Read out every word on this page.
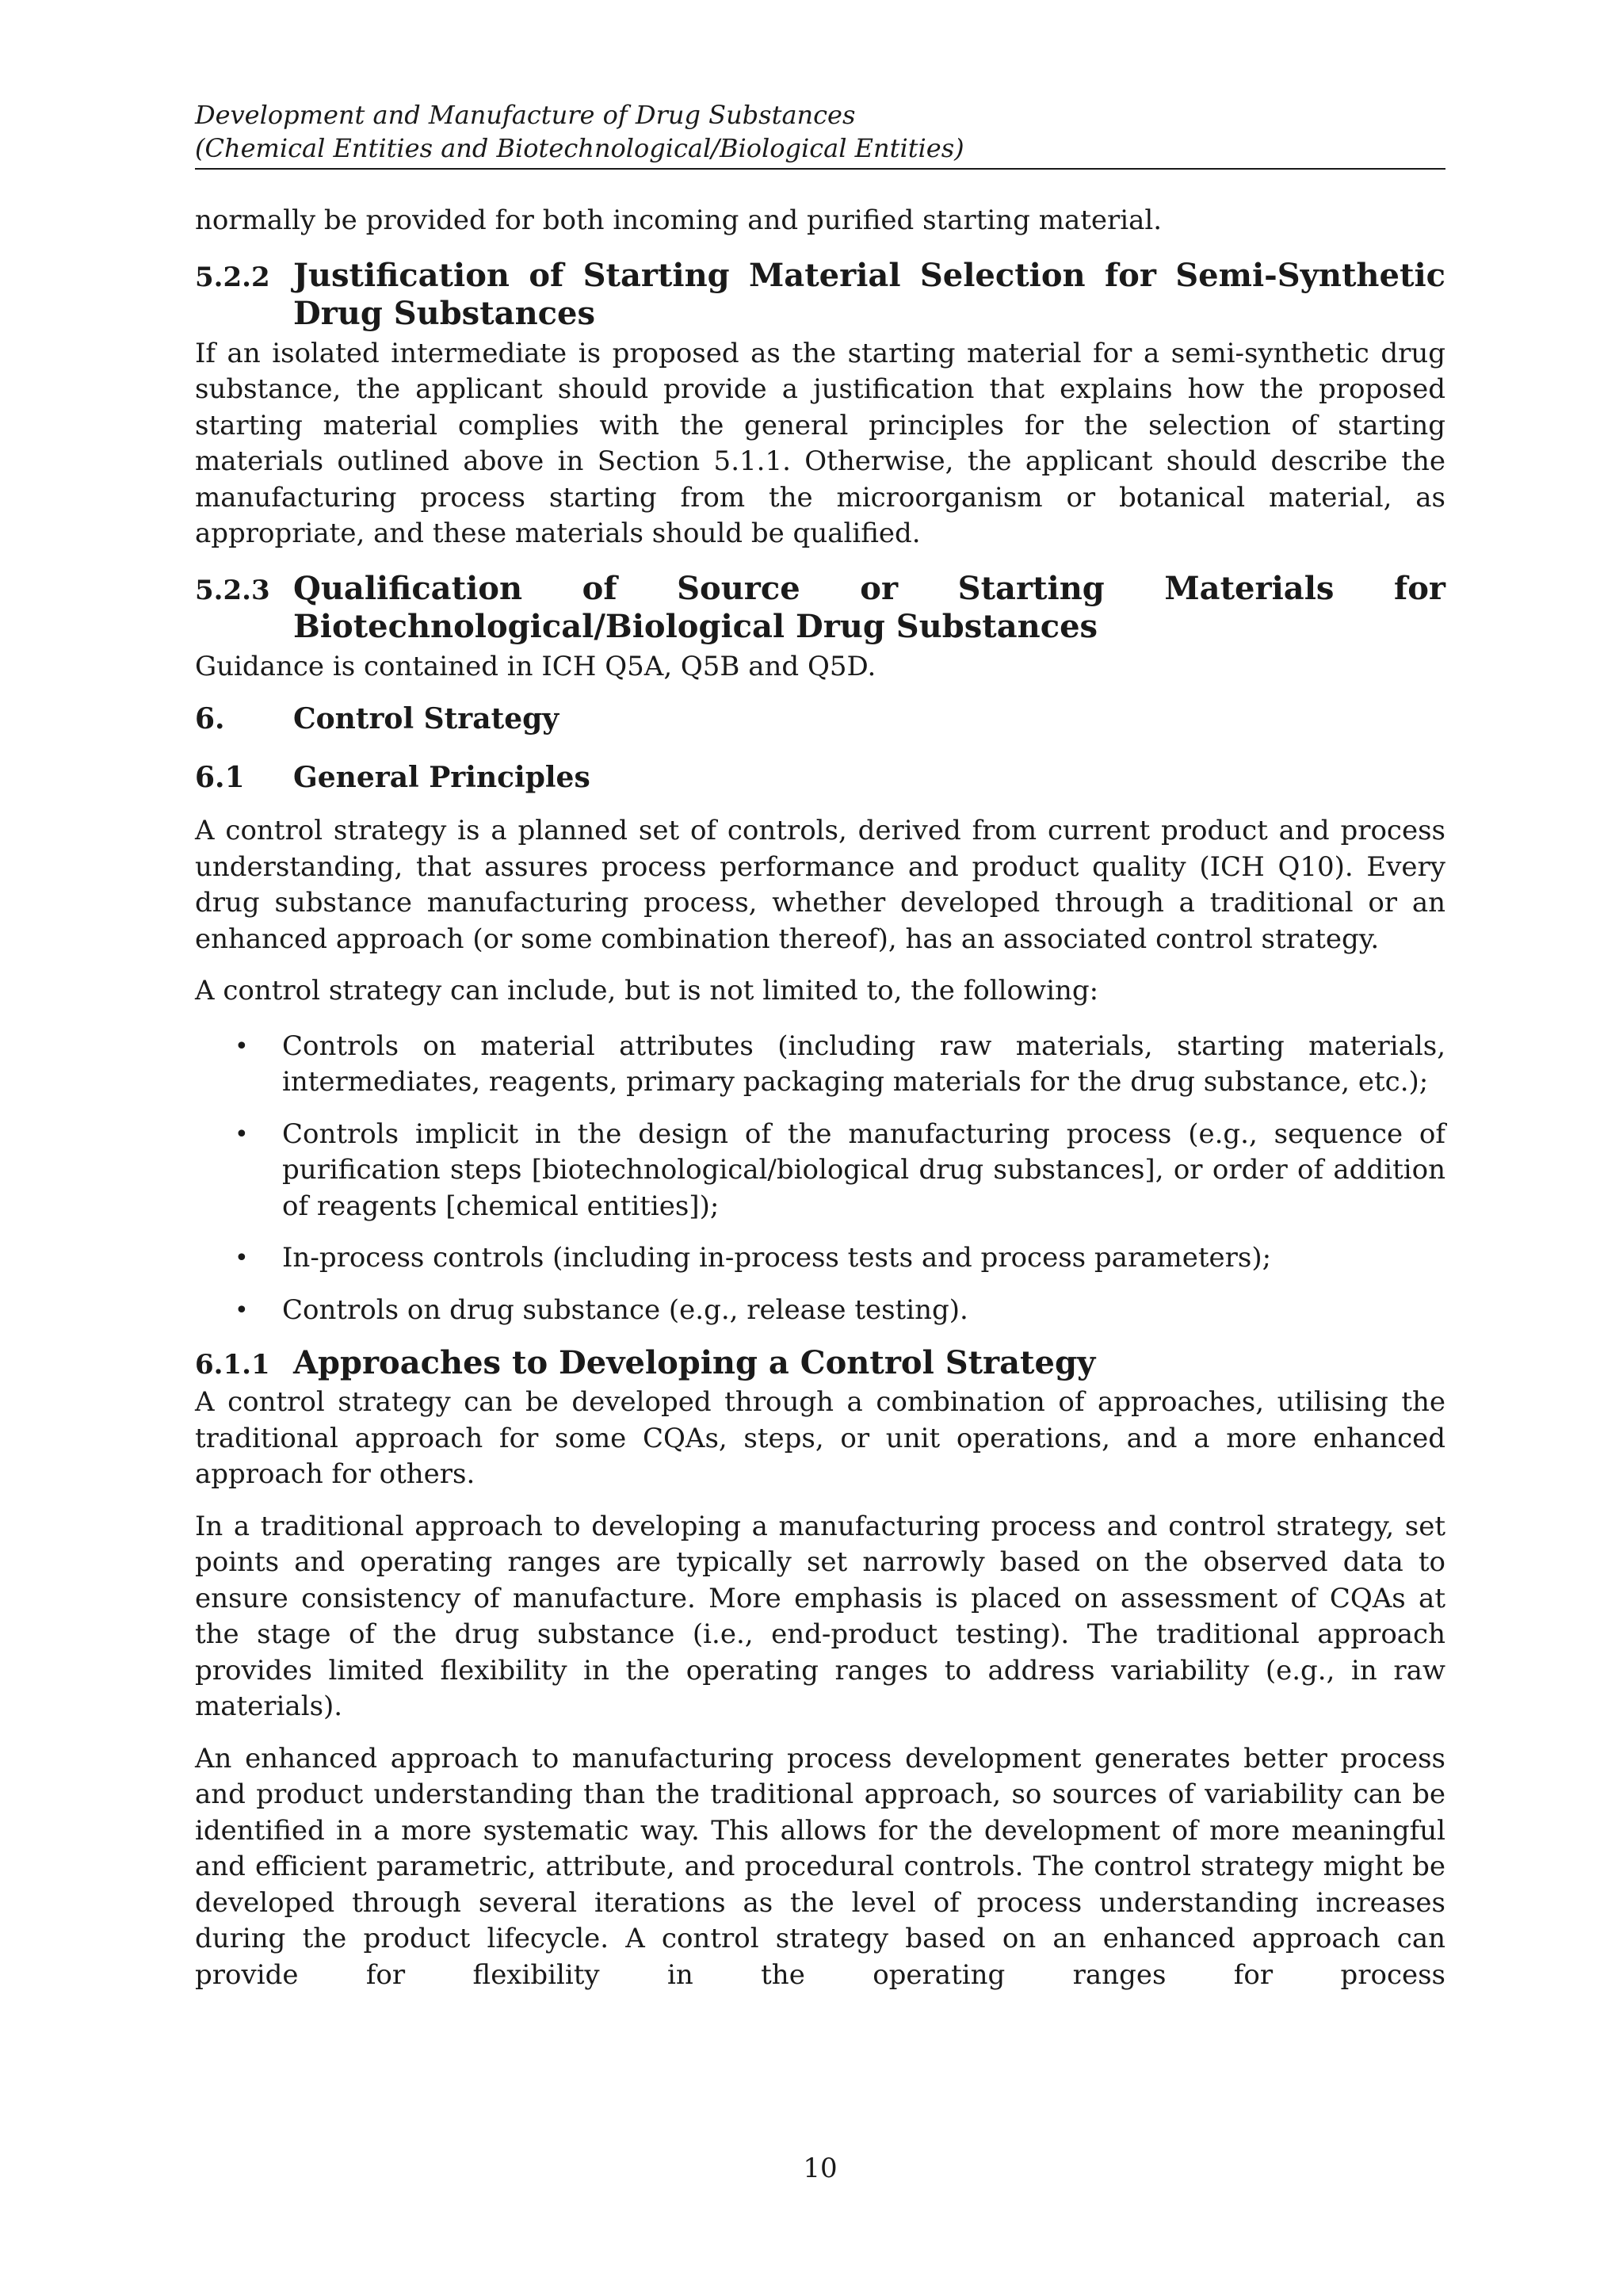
Development and Manufacture of Drug Substances
(Chemical Entities and Biotechnological/Biological Entities)

normally be provided for both incoming and purified starting material.

5.2.2 Justification of Starting Material Selection for Semi-Synthetic
Drug Substances

If an isolated intermediate is proposed as the starting material for a semi-synthetic drug substance, the applicant should provide a justification that explains how the proposed starting material complies with the general principles for the selection of starting materials outlined above in Section 5.1.1. Otherwise, the applicant should describe the manufacturing process starting from the microorganism or botanical material, as appropriate, and these materials should be qualified.

5.2.3 Qualification of Source or Starting Materials for
Biotechnological/Biological Drug Substances

Guidance is contained in ICH Q5A, Q5B and Q5D.

6.	Control Strategy
6.1	General Principles

A control strategy is a planned set of controls, derived from current product and process understanding, that assures process performance and product quality (ICH Q10). Every drug substance manufacturing process, whether developed through a traditional or an enhanced approach (or some combination thereof), has an associated control strategy.

A control strategy can include, but is not limited to, the following:

• Controls on material attributes (including raw materials, starting materials, intermediates, reagents, primary packaging materials for the drug substance, etc.);
• Controls implicit in the design of the manufacturing process (e.g., sequence of purification steps [biotechnological/biological drug substances], or order of addition of reagents [chemical entities]);
• In-process controls (including in-process tests and process parameters);
• Controls on drug substance (e.g., release testing).
6.1.1 Approaches to Developing a Control Strategy

A control strategy can be developed through a combination of approaches, utilising the traditional approach for some CQAs, steps, or unit operations, and a more enhanced approach for others.

In a traditional approach to developing a manufacturing process and control strategy, set points and operating ranges are typically set narrowly based on the observed data to ensure consistency of manufacture. More emphasis is placed on assessment of CQAs at the stage of the drug substance (i.e., end-product testing). The traditional approach provides limited flexibility in the operating ranges to address variability (e.g., in raw materials).

An enhanced approach to manufacturing process development generates better process and product understanding than the traditional approach, so sources of variability can be identified in a more systematic way. This allows for the development of more meaningful and efficient parametric, attribute, and procedural controls. The control strategy might be developed through several iterations as the level of process understanding increases during the product lifecycle. A control strategy based on an enhanced approach can provide for flexibility in the operating ranges for process

10
